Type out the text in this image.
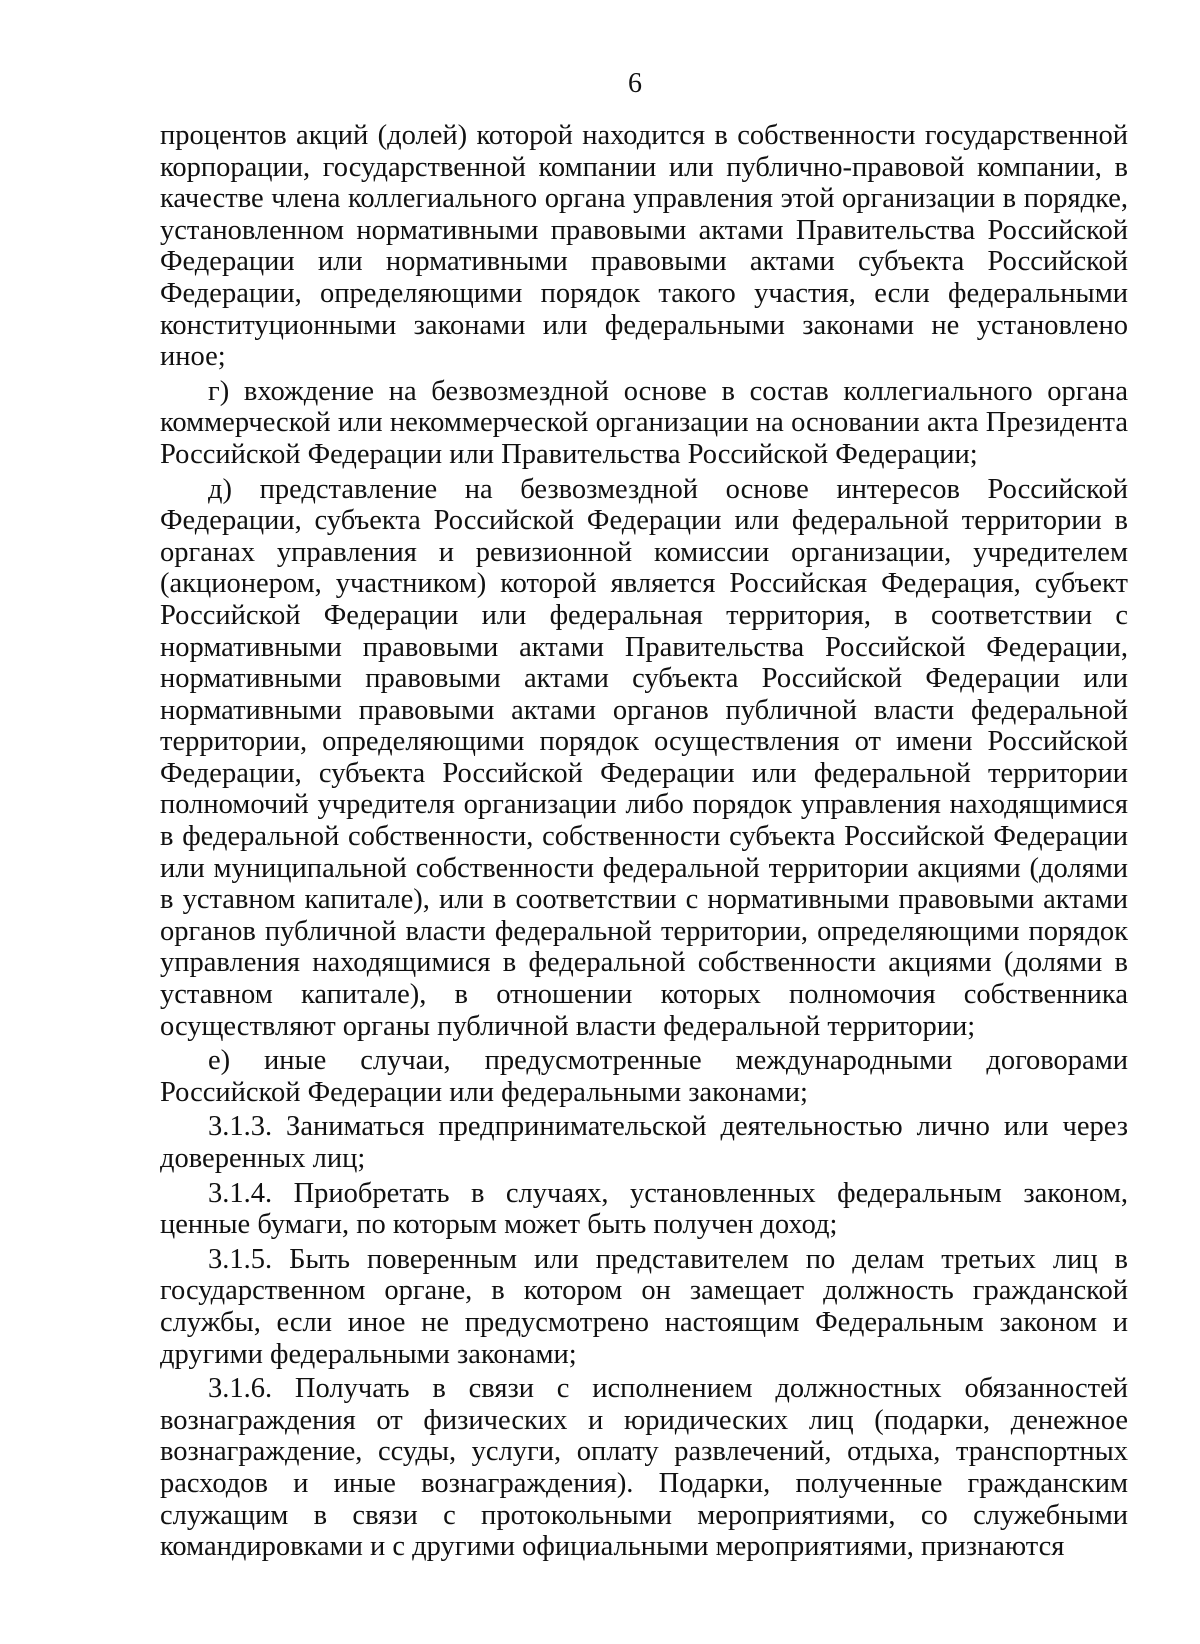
6

процентов акций (долей) которой находится в собственности государственной корпорации, государственной компании или публично-правовой компании, в качестве члена коллегиального органа управления этой организации в порядке, установленном нормативными правовыми актами Правительства Российской Федерации или нормативными правовыми актами субъекта Российской Федерации, определяющими порядок такого участия, если федеральными конституционными законами или федеральными законами не установлено иное;

г) вхождение на безвозмездной основе в состав коллегиального органа коммерческой или некоммерческой организации на основании акта Президента Российской Федерации или Правительства Российской Федерации;

д) представление на безвозмездной основе интересов Российской Федерации, субъекта Российской Федерации или федеральной территории в органах управления и ревизионной комиссии организации, учредителем (акционером, участником) которой является Российская Федерация, субъект Российской Федерации или федеральная территория, в соответствии с нормативными правовыми актами Правительства Российской Федерации, нормативными правовыми актами субъекта Российской Федерации или нормативными правовыми актами органов публичной власти федеральной территории, определяющими порядок осуществления от имени Российской Федерации, субъекта Российской Федерации или федеральной территории полномочий учредителя организации либо порядок управления находящимися в федеральной собственности, собственности субъекта Российской Федерации или муниципальной собственности федеральной территории акциями (долями в уставном капитале), или в соответствии с нормативными правовыми актами органов публичной власти федеральной территории, определяющими порядок управления находящимися в федеральной собственности акциями (долями в уставном капитале), в отношении которых полномочия собственника осуществляют органы публичной власти федеральной территории;

е) иные случаи, предусмотренные международными договорами Российской Федерации или федеральными законами;

3.1.3. Заниматься предпринимательской деятельностью лично или через доверенных лиц;

3.1.4. Приобретать в случаях, установленных федеральным законом, ценные бумаги, по которым может быть получен доход;

3.1.5. Быть поверенным или представителем по делам третьих лиц в государственном органе, в котором он замещает должность гражданской службы, если иное не предусмотрено настоящим Федеральным законом и другими федеральными законами;

3.1.6. Получать в связи с исполнением должностных обязанностей вознаграждения от физических и юридических лиц (подарки, денежное вознаграждение, ссуды, услуги, оплату развлечений, отдыха, транспортных расходов и иные вознаграждения). Подарки, полученные гражданским служащим в связи с протокольными мероприятиями, со служебными командировками и с другими официальными мероприятиями, признаются
